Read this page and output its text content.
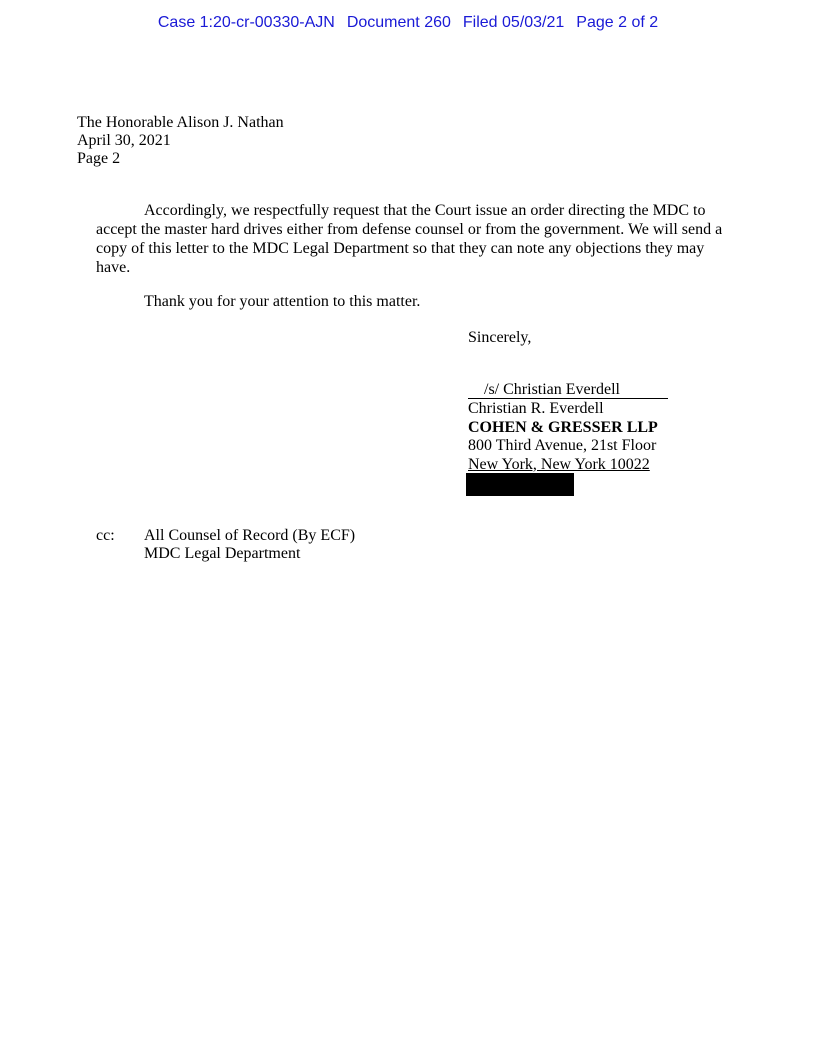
Case 1:20-cr-00330-AJN Document 260 Filed 05/03/21 Page 2 of 2
The Honorable Alison J. Nathan
April 30, 2021
Page 2
Accordingly, we respectfully request that the Court issue an order directing the MDC to accept the master hard drives either from defense counsel or from the government. We will send a copy of this letter to the MDC Legal Department so that they can note any objections they may have.
Thank you for your attention to this matter.
Sincerely,
/s/ Christian Everdell
Christian R. Everdell
COHEN & GRESSER LLP
800 Third Avenue, 21st Floor
New York, New York 10022
cc: All Counsel of Record (By ECF)
MDC Legal Department
